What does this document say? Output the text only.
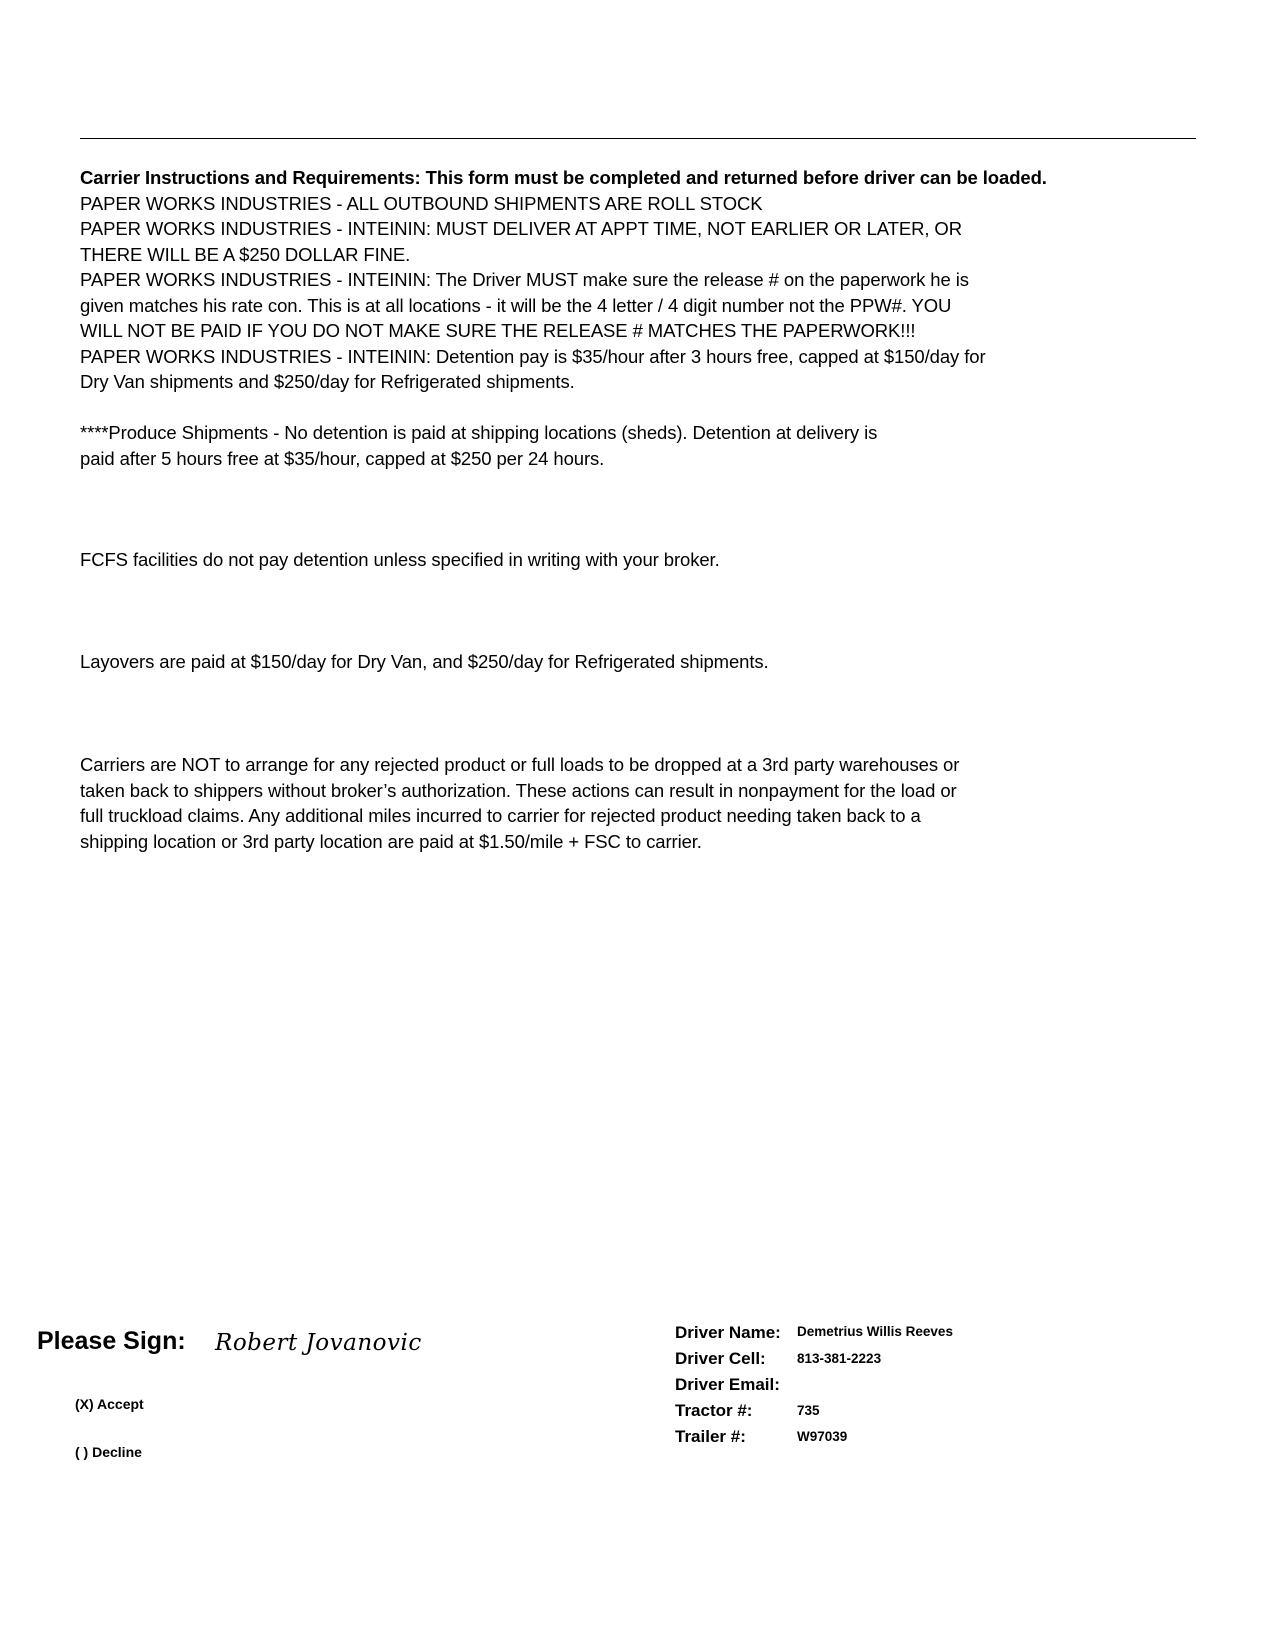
Carrier Instructions and Requirements: This form must be completed and returned before driver can be loaded.

PAPER WORKS INDUSTRIES - ALL OUTBOUND SHIPMENTS ARE ROLL STOCK

PAPER WORKS INDUSTRIES - INTEININ: MUST DELIVER AT APPT TIME, NOT EARLIER OR LATER, OR

THERE WILL BE A $250 DOLLAR FINE.

PAPER WORKS INDUSTRIES - INTEININ: The Driver MUST make sure the release # on the paperwork he is

given matches his rate con. This is at all locations - it will be the 4 letter / 4 digit number not the PPW#. YOU

WILL NOT BE PAID IF YOU DO NOT MAKE SURE THE RELEASE # MATCHES THE PAPERWORK!!!

PAPER WORKS INDUSTRIES - INTEININ: Detention pay is $35/hour after 3 hours free, capped at $150/day for

Dry Van shipments and $250/day for Refrigerated shipments.

****Produce Shipments - No detention is paid at shipping locations (sheds). Detention at delivery is

paid after 5 hours free at $35/hour, capped at $250 per 24 hours.

FCFS facilities do not pay detention unless specified in writing with your broker.

Layovers are paid at $150/day for Dry Van, and $250/day for Refrigerated shipments.

Carriers are NOT to arrange for any rejected product or full loads to be dropped at a 3rd party warehouses or

taken back to shippers without broker’s authorization. These actions can result in nonpayment for the load or

full truckload claims. Any additional miles incurred to carrier for rejected product needing taken back to a

shipping location or 3rd party location are paid at $1.50/mile + FSC to carrier.

Please Sign: Robert Jovanovic
(X) Accept
( ) Decline
Driver Name: Demetrius Willis Reeves
Driver Cell: 813-381-2223
Driver Email:
Tractor #:	735
Trailer #:	W97039
